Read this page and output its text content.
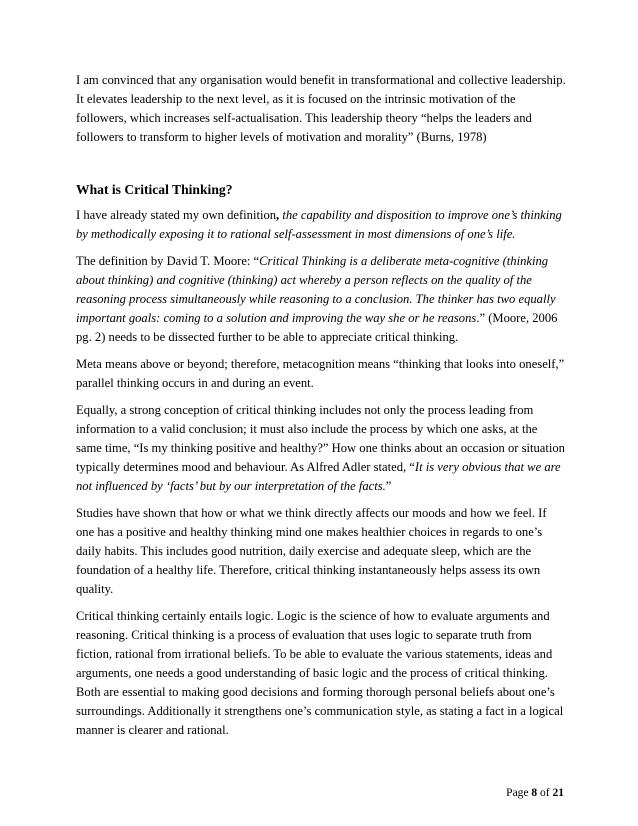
I am convinced that any organisation would benefit in transformational and collective leadership. It elevates leadership to the next level, as it is focused on the intrinsic motivation of the followers, which increases self-actualisation. This leadership theory “helps the leaders and followers to transform to higher levels of motivation and morality” (Burns, 1978)

What is Critical Thinking?

I have already stated my own definition, the capability and disposition to improve one’s thinking by methodically exposing it to rational self-assessment in most dimensions of one’s life.

The definition by David T. Moore: “Critical Thinking is a deliberate meta-cognitive (thinking about thinking) and cognitive (thinking) act whereby a person reflects on the quality of the reasoning process simultaneously while reasoning to a conclusion. The thinker has two equally important goals: coming to a solution and improving the way she or he reasons.” (Moore, 2006 pg. 2) needs to be dissected further to be able to appreciate critical thinking.

Meta means above or beyond; therefore, metacognition means “thinking that looks into oneself,” parallel thinking occurs in and during an event.

Equally, a strong conception of critical thinking includes not only the process leading from information to a valid conclusion; it must also include the process by which one asks, at the same time, “Is my thinking positive and healthy?” How one thinks about an occasion or situation typically determines mood and behaviour. As Alfred Adler stated, “It is very obvious that we are not influenced by ‘facts’ but by our interpretation of the facts.”

Studies have shown that how or what we think directly affects our moods and how we feel. If one has a positive and healthy thinking mind one makes healthier choices in regards to one’s daily habits. This includes good nutrition, daily exercise and adequate sleep, which are the foundation of a healthy life. Therefore, critical thinking instantaneously helps assess its own quality.

Critical thinking certainly entails logic. Logic is the science of how to evaluate arguments and reasoning. Critical thinking is a process of evaluation that uses logic to separate truth from fiction, rational from irrational beliefs. To be able to evaluate the various statements, ideas and arguments, one needs a good understanding of basic logic and the process of critical thinking. Both are essential to making good decisions and forming thorough personal beliefs about one’s surroundings. Additionally it strengthens one’s communication style, as stating a fact in a logical manner is clearer and rational.

Page 8 of 21
